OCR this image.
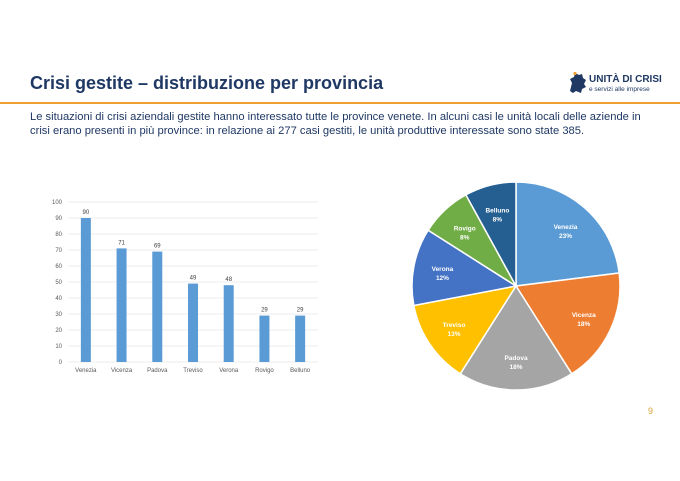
Crisi gestite – distribuzione per provincia	UNITÀ DI CRISI
e servizi alle imprese

Le situazioni di crisi aziendali gestite hanno interessato tutte le province venete. In alcuni casi le unità locali delle aziende in crisi erano presenti in più province: in relazione ai 277 casi gestiti, le unità produttive interessate sono state 385.

0
10
20
30
40
50
60
70
80
90
100
90
Venezia
71
Vicenza
69
Padova
49
Treviso
48
Verona
29
Rovigo
29
Belluno
Venezia
23%
Vicenza
18%
Padova
18%
Treviso
13%
Verona
12%
Rovigo
8%
Belluno
8%
9
